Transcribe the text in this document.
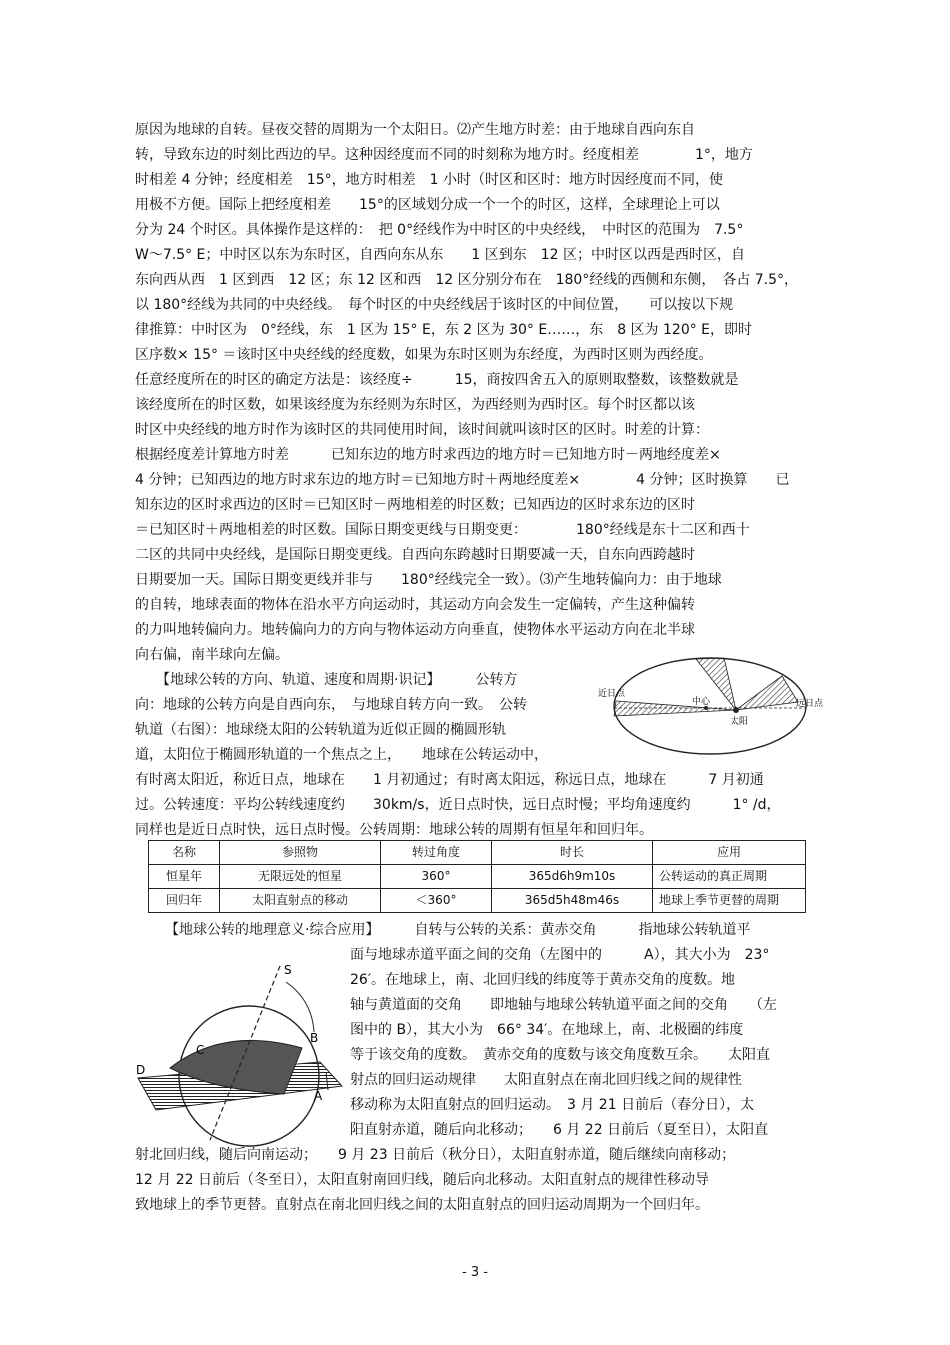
原因为地球的自转。昼夜交替的周期为一个太阳日。⑵产生地方时差：由于地球自西向东自

转，导致东边的时刻比西边的早。这种因经度而不同的时刻称为地方时。经度相差　　　　1°，地方

时相差 4 分钟；经度相差　15°，地方时相差　1 小时（时区和区时：地方时因经度而不同，使

用极不方便。国际上把经度相差　　15°的区域划分成一个一个的时区，这样，全球理论上可以

分为 24 个时区。具体操作是这样的：　把 0°经线作为中时区的中央经线，　中时区的范围为　7.5°

W～7.5° E；中时区以东为东时区，自西向东从东　　1 区到东　12 区；中时区以西是西时区，自

东向西从西　1 区到西　12 区；东 12 区和西　12 区分别分布在　180°经线的西侧和东侧，　各占 7.5°，

以 180°经线为共同的中央经线。　每个时区的中央经线居于该时区的中间位置，　　可以按以下规

律推算：中时区为　0°经线，东　1 区为 15° E，东 2 区为 30° E……，东　8 区为 120° E，即时

区序数× 15° ＝该时区中央经线的经度数，如果为东时区则为东经度，为西时区则为西经度。

任意经度所在的时区的确定方法是：该经度÷　　　15，商按四舍五入的原则取整数，该整数就是

该经度所在的时区数，如果该经度为东经则为东时区，为西经则为西时区。每个时区都以该

时区中央经线的地方时作为该时区的共同使用时间，该时间就叫该时区的区时。时差的计算：

根据经度差计算地方时差　　　已知东边的地方时求西边的地方时＝已知地方时－两地经度差×

4 分钟；已知西边的地方时求东边的地方时＝已知地方时＋两地经度差×　　　　4 分钟；区时换算　　已

知东边的区时求西边的区时＝已知区时－两地相差的时区数；已知西边的区时求东边的区时

＝已知区时＋两地相差的时区数。国际日期变更线与日期变更：　　　　180°经线是东十二区和西十

二区的共同中央经线，是国际日期变更线。自西向东跨越时日期要减一天，自东向西跨越时

日期要加一天。国际日期变更线并非与　　180°经线完全一致）。⑶产生地转偏向力：由于地球

的自转，地球表面的物体在沿水平方向运动时，其运动方向会发生一定偏转，产生这种偏转

的力叫地转偏向力。地转偏向力的方向与物体运动方向垂直，使物体水平运动方向在北半球

向右偏，南半球向左偏。

　　【地球公转的方向、轨道、速度和周期·识记】　　　公转方

向：地球的公转方向是自西向东，　与地球自转方向一致。　公转

轨道（右图）：地球绕太阳的公转轨道为近似正圆的椭圆形轨

道，太阳位于椭圆形轨道的一个焦点之上，　　地球在公转运动中，

有时离太阳近，称近日点，地球在　　1 月初通过；有时离太阳远，称远日点，地球在　　　7 月初通

过。公转速度：平均公转线速度约　　30km/s，近日点时快，远日点时慢；平均角速度约　　　1° /d，

同样也是近日点时快，远日点时慢。公转周期：地球公转的周期有恒星年和回归年。

名称	参照物	转过角度	时长	应用
恒星年	无限远处的恒星	360°	365d6h9m10s	公转运动的真正周期
回归年	太阳直射点的移动	＜360°	365d5h48m46s	地球上季节更替的周期

【地球公转的地理意义·综合应用】　　　自转与公转的关系：黄赤交角　　　指地球公转轨道平

面与地球赤道平面之间的交角（左图中的　　　A），其大小为　23°

26′。在地球上，南、北回归线的纬度等于黄赤交角的度数。地

轴与黄道面的交角　　即地轴与地球公转轨道平面之间的交角　　（左

图中的 B），其大小为　66° 34′。在地球上，南、北极圈的纬度

等于该交角的度数。　黄赤交角的度数与该交角度数互余。　　太阳直

射点的回归运动规律　　太阳直射点在南北回归线之间的规律性

移动称为太阳直射点的回归运动。　3 月 21 日前后（春分日），太

阳直射赤道，随后向北移动；　　6 月 22 日前后（夏至日），太阳直

射北回归线，随后向南运动；　　9 月 23 日前后（秋分日），太阳直射赤道，随后继续向南移动；

12 月 22 日前后（冬至日），太阳直射南回归线，随后向北移动。太阳直射点的规律性移动导

致地球上的季节更替。直射点在南北回归线之间的太阳直射点的回归运动周期为一个回归年。

近日点
远日点
中心
太阳
S
B
C
D
A

- 3 -
